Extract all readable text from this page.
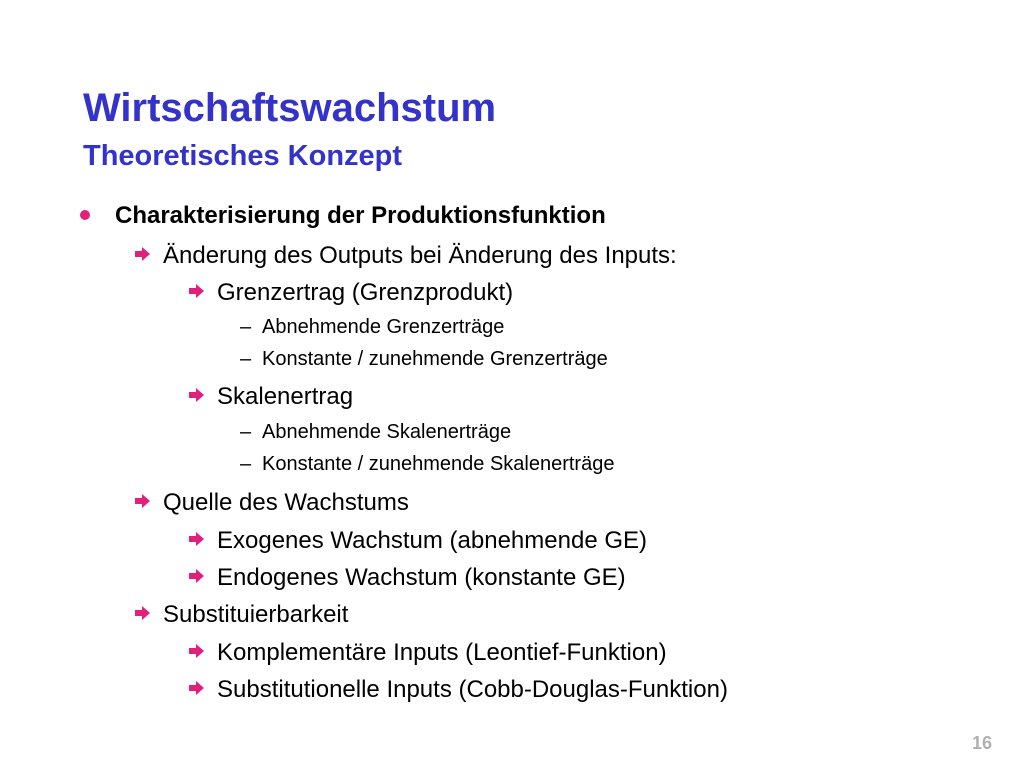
Wirtschaftswachstum
Theoretisches Konzept
Charakterisierung der Produktionsfunktion
Änderung des Outputs bei Änderung des Inputs:
Grenzertrag (Grenzprodukt)
– Abnehmende Grenzerträge
– Konstante / zunehmende Grenzerträge
Skalenertrag
– Abnehmende Skalenerträge
– Konstante / zunehmende Skalenerträge
Quelle des Wachstums
Exogenes Wachstum (abnehmende GE)
Endogenes Wachstum (konstante GE)
Substituierbarkeit
Komplementäre Inputs (Leontief-Funktion)
Substitutionelle Inputs (Cobb-Douglas-Funktion)
16
